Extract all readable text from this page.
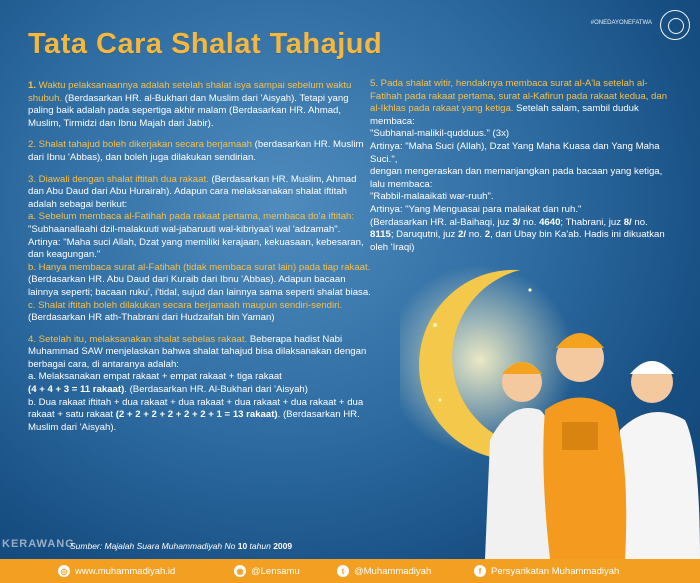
Tata Cara Shalat Tahajud
#ONEDAYONEFATWA

1. Waktu pelaksanaannya adalah setelah shalat isya sampai sebelum waktu shubuh. (Berdasarkan HR. al-Bukhari dan Muslim dari 'Aisyah). Tetapi yang paling baik adalah pada sepertiga akhir malam (Berdasarkan HR. Ahmad, Muslim, Tirmidzi dan Ibnu Majah dari Jabir).

2. Shalat tahajud boleh dikerjakan secara berjamaah (berdasarkan HR. Muslim dari Ibnu 'Abbas), dan boleh juga dilakukan sendirian.

3. Diawali dengan shalat iftitah dua rakaat. (Berdasarkan HR. Muslim, Ahmad dan Abu Daud dari Abu Hurairah). Adapun cara melaksanakan shalat iftitah adalah sebagai berikut:
a. Sebelum membaca al-Fatihah pada rakaat pertama, membaca do'a iftitah:
"Subhaanallaahi dzil-malakuuti wal-jabaruuti wal-kibriyaa'i wal 'adzamah". Artinya: "Maha suci Allah, Dzat yang memiliki kerajaan, kekuasaan, kebesaran, dan keagungan."
b. Hanya membaca surat al-Fatihah (tidak membaca surat lain) pada tiap rakaat. (Berdasarkan HR. Abu Daud dari Kuraib dari Ibnu 'Abbas). Adapun bacaan lainnya seperti; bacaan ruku', i'tidal, sujud dan lainnya sama seperti shalat biasa.
c. Shalat iftitah boleh dilakukan secara berjamaah maupun sendiri-sendiri. (Berdasarkan HR ath-Thabrani dari Hudzaifah bin Yaman)

4. Setelah itu, melaksanakan shalat sebelas rakaat. Beberapa hadist Nabi Muhammad SAW menjelaskan bahwa shalat tahajud bisa dilaksanakan dengan berbagai cara, di antaranya adalah:
a. Melaksanakan empat rakaat + empat rakaat + tiga rakaat
(4 + 4 + 3 = 11 rakaat). (Berdasarkan HR. Al-Bukhari dari 'Aisyah)
b. Dua rakaat iftitah + dua rakaat + dua rakaat + dua rakaat + dua rakaat + dua rakaat + satu rakaat (2 + 2 + 2 + 2 + 2 + 2 + 1 = 13 rakaat). (Berdasarkan HR. Muslim dari 'Aisyah).

5. Pada shalat witir, hendaknya membaca surat al-A'la setelah al-Fatihah pada rakaat pertama, surat al-Kafirun pada rakaat kedua, dan al-Ikhlas pada rakaat yang ketiga. Setelah salam, sambil duduk membaca:
"Subhanal-malikil-qudduus." (3x)
Artinya: "Maha Suci (Allah), Dzat Yang Maha Kuasa dan Yang Maha Suci.",
dengan mengeraskan dan memanjangkan pada bacaan yang ketiga, lalu membaca:
"Rabbil-malaaikati war-ruuh".
Artinya: "Yang Menguasai para malaikat dan ruh."
(Berdasarkan HR. al-Baihaqi, juz 3/ no. 4640; Thabrani, juz 8/ no. 8115; Daruqutni, juz 2/ no. 2, dari Ubay bin Ka'ab. Hadis ini dikuatkan oleh 'Iraqi)

KERAWANG
Sumber: Majalah Suara Muhammadiyah No 10 tahun 2009
◎ www.muhammadiyah.id	◉ @Lensamu	t	@Muhammadiyah	f	Persyarikatan Muhammadiyah
